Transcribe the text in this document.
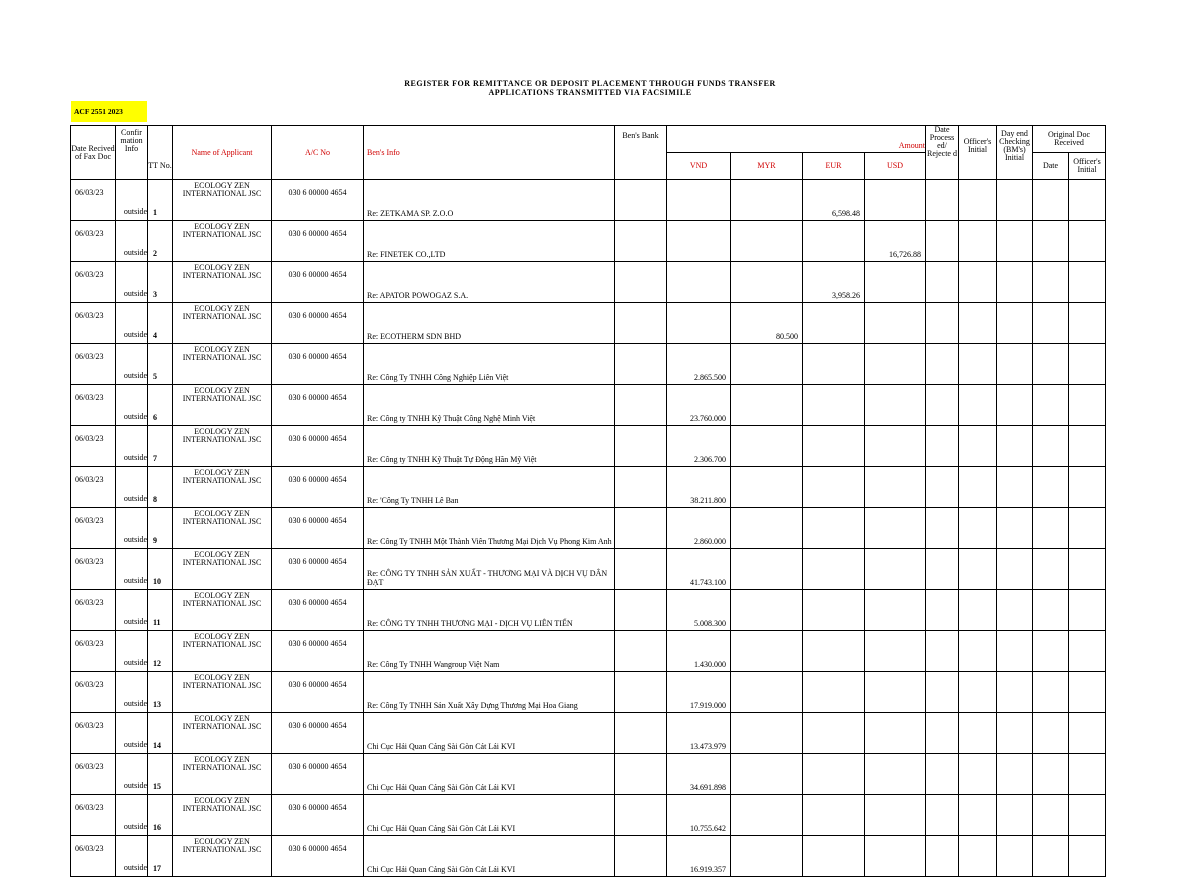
REGISTER FOR REMITTANCE OR DEPOSIT PLACEMENT THROUGH FUNDS TRANSFER
APPLICATIONS TRANSMITTED VIA FACSIMILE
ACF 2551 2023
Date Recived of Fax Doc	Confir mation Info		Name of Applicant	A/C No	Ben's Info	Ben's Bank	Amount				Date Process ed/ Rejecte d	Officer's Initial	Day end Checking (BM's) Initial	Original Doc Received	
		TT No.					VND	MYR	EUR	USD				Date	Officer's Initial
06/03/23	outside	1	ECOLOGY ZEN INTERNATIONAL JSC	030 6 00000 4654	Re: ZETKAMA SP. Z.O.O				6,598.48						
06/03/23	outside	2	ECOLOGY ZEN INTERNATIONAL JSC	030 6 00000 4654	Re: FINETEK CO.,LTD					16,726.88					
06/03/23	outside	3	ECOLOGY ZEN INTERNATIONAL JSC	030 6 00000 4654	Re: APATOR POWOGAZ S.A.				3,958.26						
06/03/23	outside	4	ECOLOGY ZEN INTERNATIONAL JSC	030 6 00000 4654	Re: ECOTHERM SDN BHD			80.500							
06/03/23	outside	5	ECOLOGY ZEN INTERNATIONAL JSC	030 6 00000 4654	Re: Công Ty TNHH Công Nghiệp Liên Việt		2.865.500								
06/03/23	outside	6	ECOLOGY ZEN INTERNATIONAL JSC	030 6 00000 4654	Re: Công ty TNHH Kỹ Thuật Công Nghệ Minh Việt		23.760.000								
06/03/23	outside	7	ECOLOGY ZEN INTERNATIONAL JSC	030 6 00000 4654	Re: Công ty TNHH Kỹ Thuật Tự Động Hãn Mỹ Việt		2.306.700								
06/03/23	outside	8	ECOLOGY ZEN INTERNATIONAL JSC	030 6 00000 4654	Re: 'Công Ty TNHH Lê Ban		38.211.800								
06/03/23	outside	9	ECOLOGY ZEN INTERNATIONAL JSC	030 6 00000 4654	Re: Công Ty TNHH Một Thành Viên Thương Mại Dịch Vụ Phong Kim Anh		2.860.000								
06/03/23	outside	10	ECOLOGY ZEN INTERNATIONAL JSC	030 6 00000 4654	Re: CÔNG TY TNHH SẢN XUẤT - THƯƠNG MẠI VÀ DỊCH VỤ DÂN ĐẠT		41.743.100								
06/03/23	outside	11	ECOLOGY ZEN INTERNATIONAL JSC	030 6 00000 4654	Re: CÔNG TY TNHH THƯƠNG MẠI - DỊCH VỤ LIÊN TIẾN		5.008.300								
06/03/23	outside	12	ECOLOGY ZEN INTERNATIONAL JSC	030 6 00000 4654	Re: Công Ty TNHH Wangroup Việt Nam		1.430.000								
06/03/23	outside	13	ECOLOGY ZEN INTERNATIONAL JSC	030 6 00000 4654	Re: Công Ty TNHH Sản Xuất Xây Dựng Thương Mại Hoa Giang		17.919.000								
06/03/23	outside	14	ECOLOGY ZEN INTERNATIONAL JSC	030 6 00000 4654	Chi Cục Hải Quan Cảng Sài Gòn Cát Lái KVI		13.473.979								
06/03/23	outside	15	ECOLOGY ZEN INTERNATIONAL JSC	030 6 00000 4654	Chi Cục Hải Quan Cảng Sài Gòn Cát Lái KVI		34.691.898								
06/03/23	outside	16	ECOLOGY ZEN INTERNATIONAL JSC	030 6 00000 4654	Chi Cục Hải Quan Cảng Sài Gòn Cát Lái KVI		10.755.642								
06/03/23	outside	17	ECOLOGY ZEN INTERNATIONAL JSC	030 6 00000 4654	Chi Cục Hải Quan Cảng Sài Gòn Cát Lái KVI		16.919.357								
